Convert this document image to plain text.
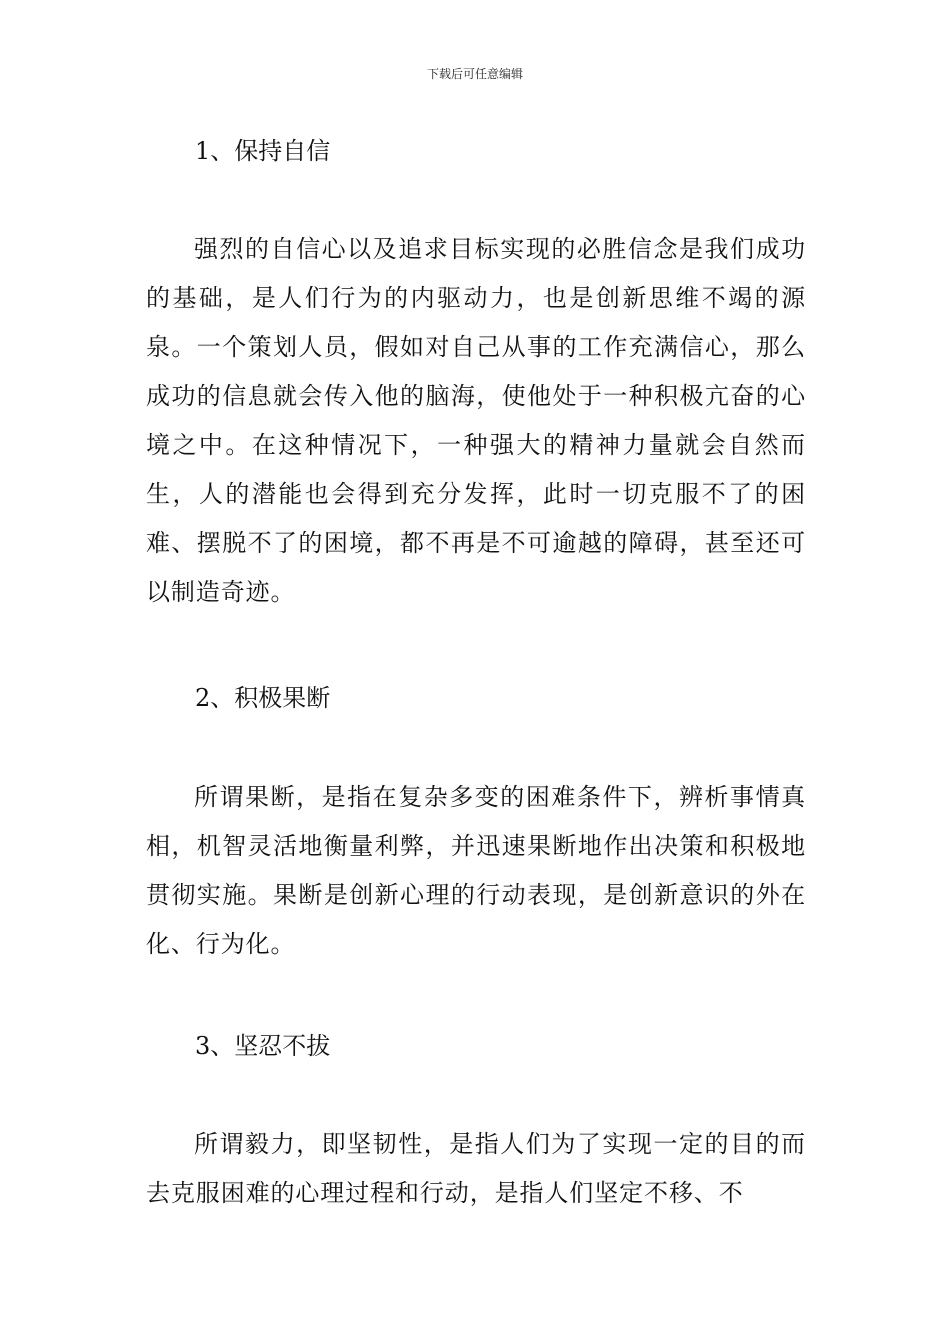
下载后可任意编辑
1、保持自信

强烈的自信心以及追求目标实现的必胜信念是我们成功的基础，是人们行为的内驱动力，也是创新思维不竭的源泉。一个策划人员，假如对自己从事的工作充满信心，那么成功的信息就会传入他的脑海，使他处于一种积极亢奋的心境之中。在这种情况下，一种强大的精神力量就会自然而生，人的潜能也会得到充分发挥，此时一切克服不了的困难、摆脱不了的困境，都不再是不可逾越的障碍，甚至还可以制造奇迹。

2、积极果断

所谓果断，是指在复杂多变的困难条件下，辨析事情真相，机智灵活地衡量利弊，并迅速果断地作出决策和积极地贯彻实施。果断是创新心理的行动表现，是创新意识的外在化、行为化。

3、坚忍不拔

所谓毅力，即坚韧性，是指人们为了实现一定的目的而去克服困难的心理过程和行动，是指人们坚定不移、不
